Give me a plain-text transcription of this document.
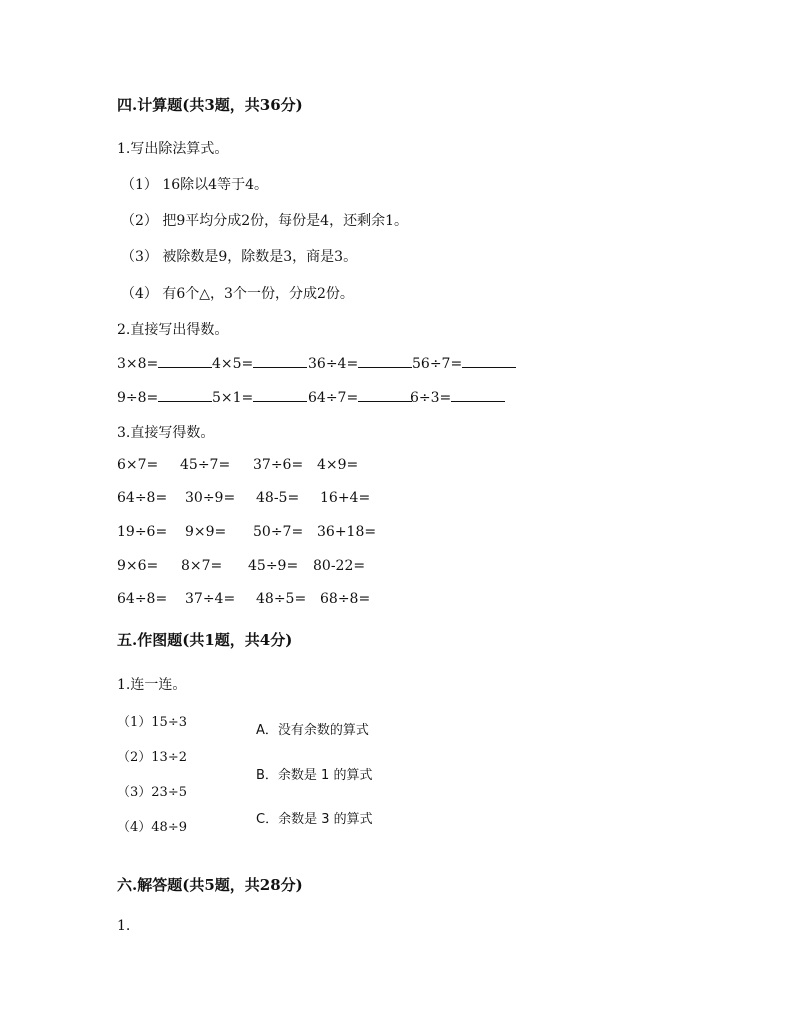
四.计算题(共3题，共36分)
1.写出除法算式。
（1） 16除以4等于4。
（2） 把9平均分成2份，每份是4，还剩余1。
（3） 被除数是9，除数是3，商是3。
（4） 有6个△，3个一份，分成2份。
2.直接写出得数。
3×8=	4×5=	36÷4=	56÷7=
9÷8=	5×1=	64÷7=	6÷3=
3.直接写得数。
6×7= 45÷7= 37÷6= 4×9=
64÷8= 30÷9= 48-5= 16+4=
19÷6= 9×9= 50÷7= 36+18=
9×6= 8×7= 45÷9= 80-22=
64÷8= 37÷4= 48÷5= 68÷8=
五.作图题(共1题，共4分)
1.连一连。
（1）15÷3
（2）13÷2
（3）23÷5
（4）48÷9
A．没有余数的算式
B．余数是 1 的算式
C．余数是 3 的算式
六.解答题(共5题，共28分)
1.
